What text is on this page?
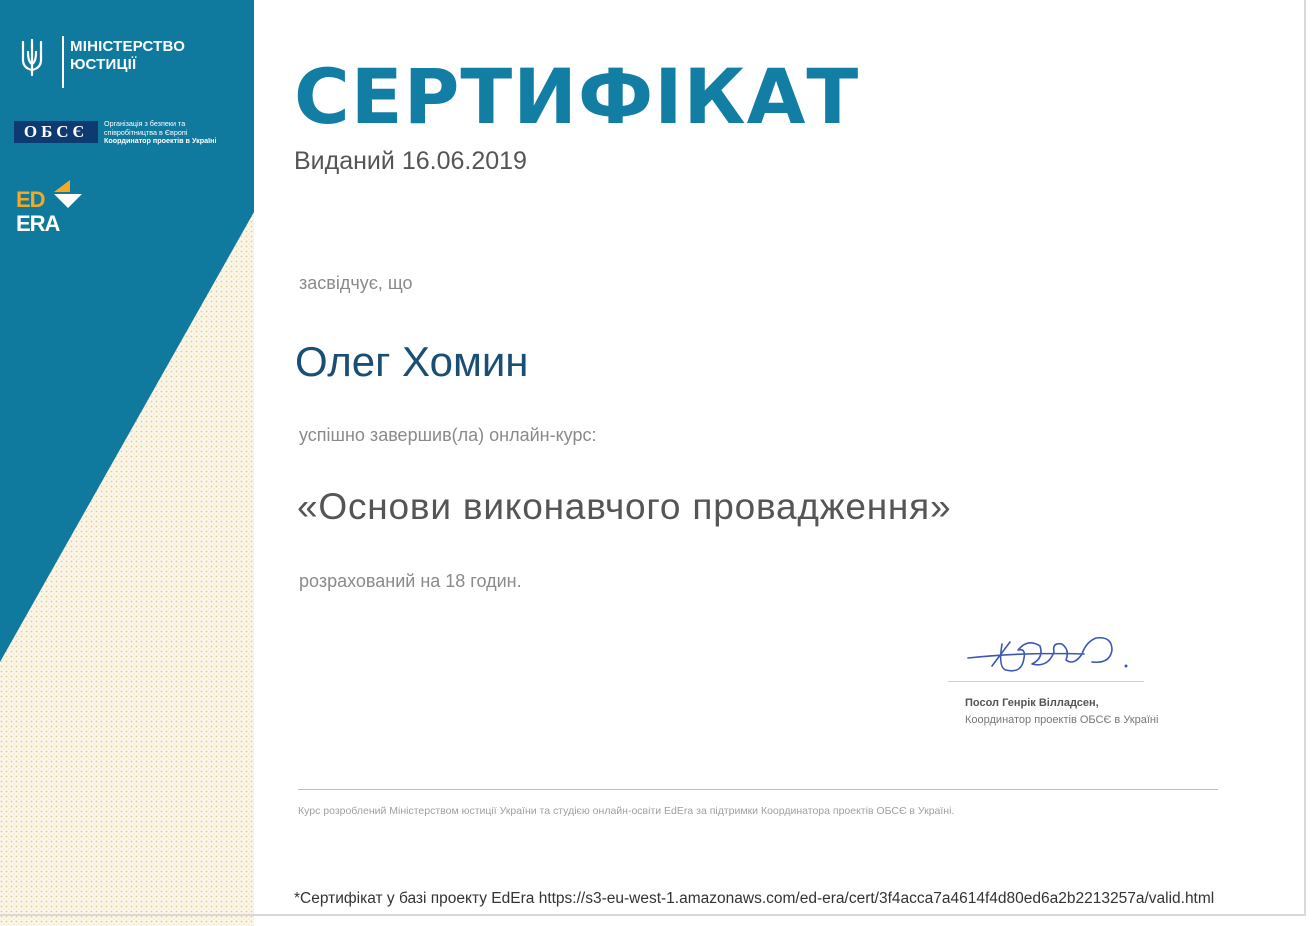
МІНІСТЕРСТВО
ЮСТИЦІЇ
ОБСЄ	Організація з безпеки та
співробітництва в Європі
Координатор проектів в Україні
ED
ERA
СЕРТИФІКАТ
Виданий 16.06.2019
засвідчує, що
Олег Хомин
успішно завершив(ла) онлайн-курс:
«Основи виконавчого провадження»
розрахований на 18 годин.
Посол Генрік Вілладсен,
Координатор проектів ОБСЄ в Україні
Курс розроблений Міністерством юстиції України та студією онлайн-освіти EdEra за підтримки Координатора проектів ОБСЄ в Україні.
*Сертифікат у базі проекту EdEra https://s3-eu-west-1.amazonaws.com/ed-era/cert/3f4acca7a4614f4d80ed6a2b2213257a/valid.html
